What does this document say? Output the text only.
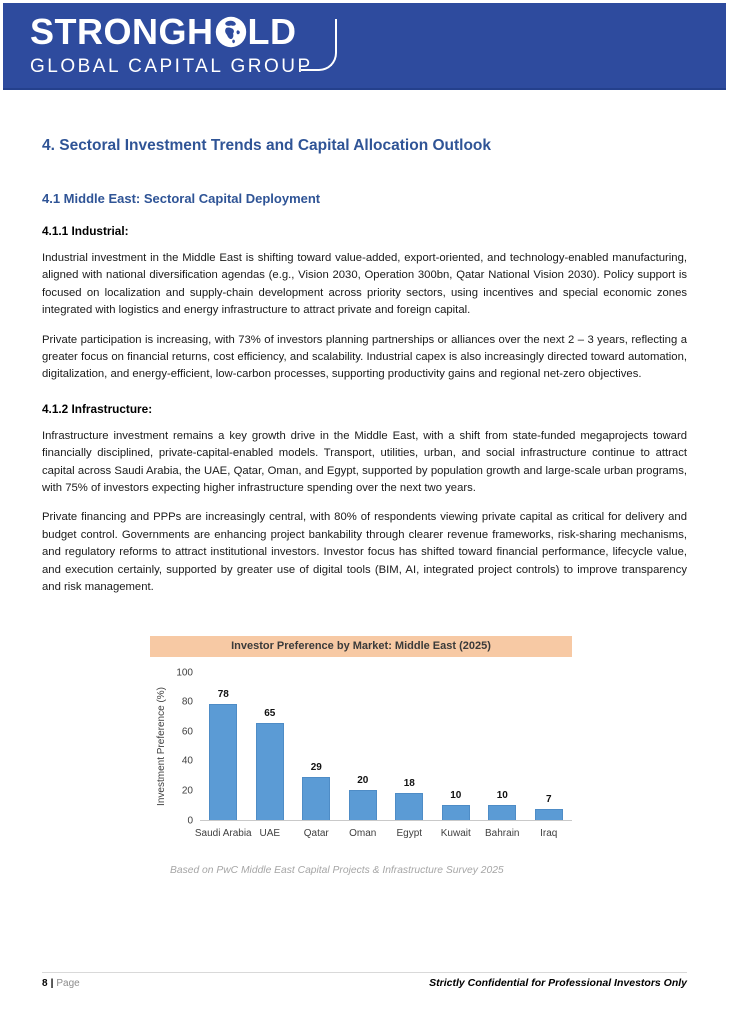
STRONGH LD
GLOBAL CAPITAL GROUP
4. Sectoral Investment Trends and Capital Allocation Outlook
4.1 Middle East: Sectoral Capital Deployment
4.1.1 Industrial:

Industrial investment in the Middle East is shifting toward value-added, export-oriented, and technology-enabled manufacturing, aligned with national diversification agendas (e.g., Vision 2030, Operation 300bn, Qatar National Vision 2030). Policy support is focused on localization and supply-chain development across priority sectors, using incentives and special economic zones integrated with logistics and energy infrastructure to attract private and foreign capital.

Private participation is increasing, with 73% of investors planning partnerships or alliances over the next 2 – 3 years, reflecting a greater focus on financial returns, cost efficiency, and scalability. Industrial capex is also increasingly directed toward automation, digitalization, and energy-efficient, low-carbon processes, supporting productivity gains and regional net-zero objectives.

4.1.2 Infrastructure:

Infrastructure investment remains a key growth drive in the Middle East, with a shift from state-funded megaprojects toward financially disciplined, private-capital-enabled models. Transport, utilities, urban, and social infrastructure continue to attract capital across Saudi Arabia, the UAE, Qatar, Oman, and Egypt, supported by population growth and large-scale urban programs, with 75% of investors expecting higher infrastructure spending over the next two years.

Private financing and PPPs are increasingly central, with 80% of respondents viewing private capital as critical for delivery and budget control. Governments are enhancing project bankability through clearer revenue frameworks, risk-sharing mechanisms, and regulatory reforms to attract institutional investors. Investor focus has shifted toward financial performance, lifecycle value, and execution certainly, supported by greater use of digital tools (BIM, AI, integrated project controls) to improve transparency and risk management.

Investor Preference by Market: Middle East (2025)
Investment Preference (%)
0
20
40
60
80
100
78
Saudi Arabia
65
UAE
29
Qatar
20
Oman
18
Egypt
10
Kuwait
10
Bahrain
7
Iraq
Based on PwC Middle East Capital Projects & Infrastructure Survey 2025
8 | Page	Strictly Confidential for Professional Investors Only
